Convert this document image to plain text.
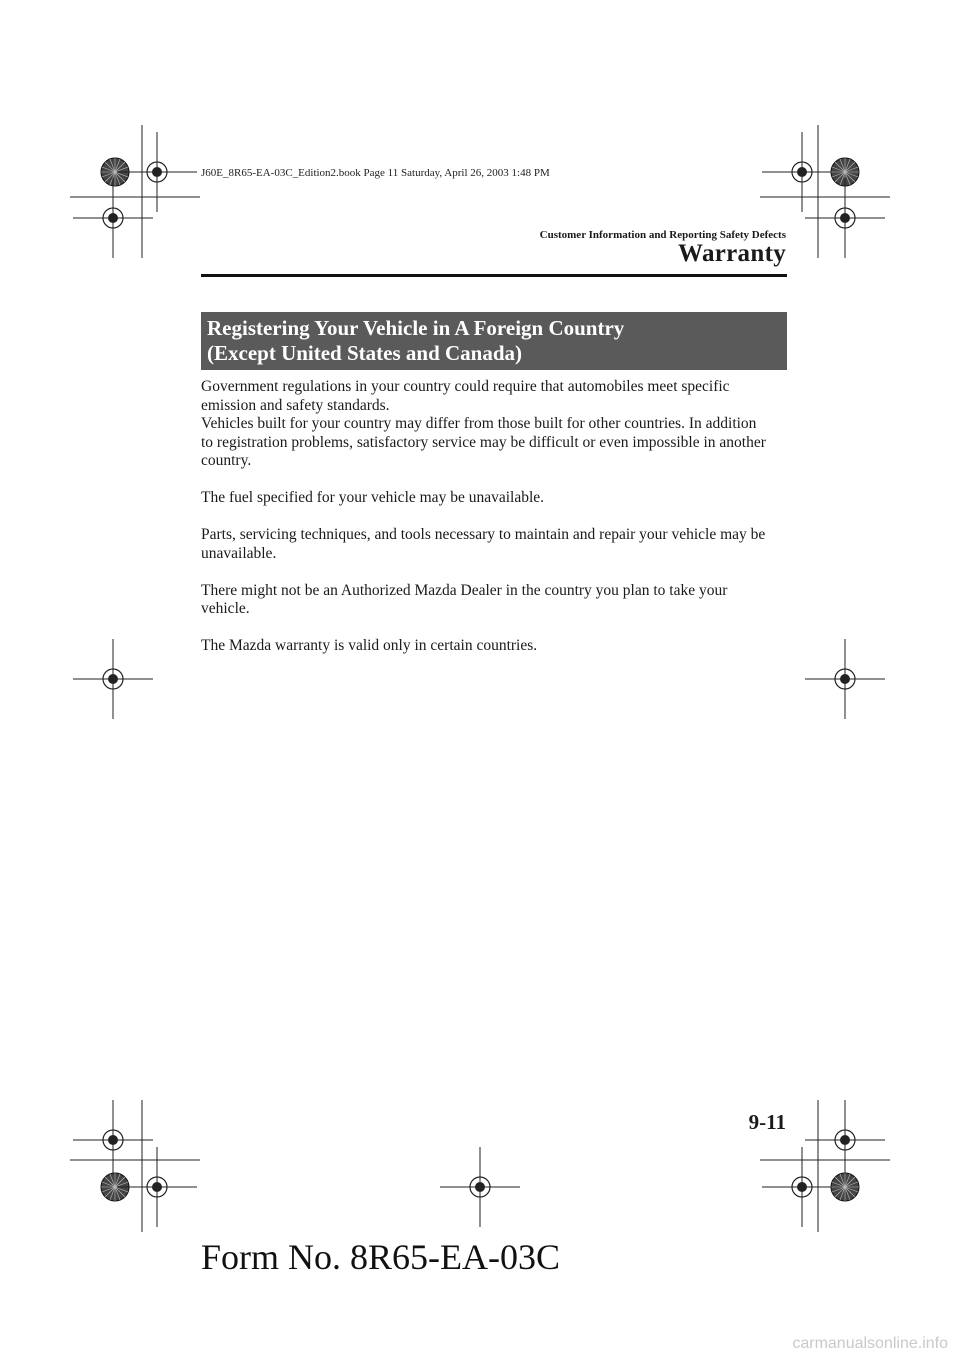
J60E_8R65-EA-03C_Edition2.book Page 11 Saturday, April 26, 2003 1:48 PM
Customer Information and Reporting Safety Defects
Warranty
Registering Your Vehicle in A Foreign Country
(Except United States and Canada)

Government regulations in your country could require that automobiles meet specific
emission and safety standards.
Vehicles built for your country may differ from those built for other countries. In addition
to registration problems, satisfactory service may be difficult or even impossible in another
country.

The fuel specified for your vehicle may be unavailable.

Parts, servicing techniques, and tools necessary to maintain and repair your vehicle may be
unavailable.

There might not be an Authorized Mazda Dealer in the country you plan to take your
vehicle.

The Mazda warranty is valid only in certain countries.

9-11
Form No. 8R65-EA-03C
carmanualsonline.info
